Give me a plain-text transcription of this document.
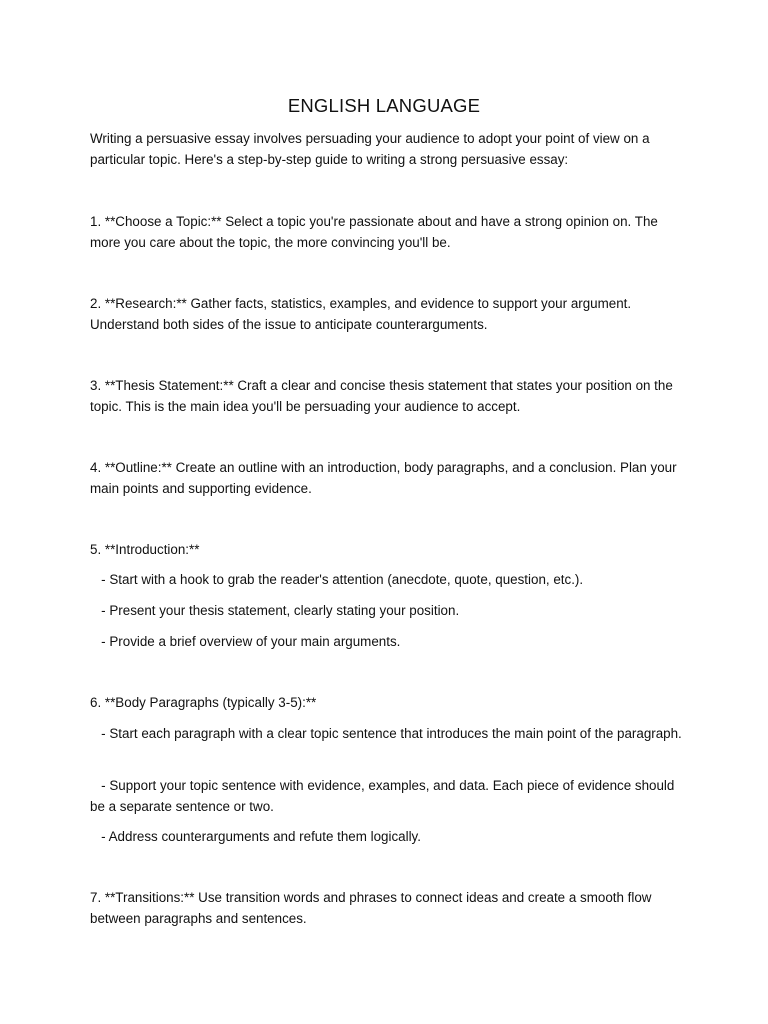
ENGLISH LANGUAGE

Writing a persuasive essay involves persuading your audience to adopt your point of view on a particular topic. Here's a step-by-step guide to writing a strong persuasive essay:

1. **Choose a Topic:** Select a topic you're passionate about and have a strong opinion on. The more you care about the topic, the more convincing you'll be.

2. **Research:** Gather facts, statistics, examples, and evidence to support your argument. Understand both sides of the issue to anticipate counterarguments.

3. **Thesis Statement:** Craft a clear and concise thesis statement that states your position on the topic. This is the main idea you'll be persuading your audience to accept.

4. **Outline:** Create an outline with an introduction, body paragraphs, and a conclusion. Plan your main points and supporting evidence.

5. **Introduction:**

- Start with a hook to grab the reader's attention (anecdote, quote, question, etc.).

- Present your thesis statement, clearly stating your position.

- Provide a brief overview of your main arguments.

6. **Body Paragraphs (typically 3-5):**

- Start each paragraph with a clear topic sentence that introduces the main point of the paragraph.

- Support your topic sentence with evidence, examples, and data. Each piece of evidence should be a separate sentence or two.

- Address counterarguments and refute them logically.

7. **Transitions:** Use transition words and phrases to connect ideas and create a smooth flow between paragraphs and sentences.
